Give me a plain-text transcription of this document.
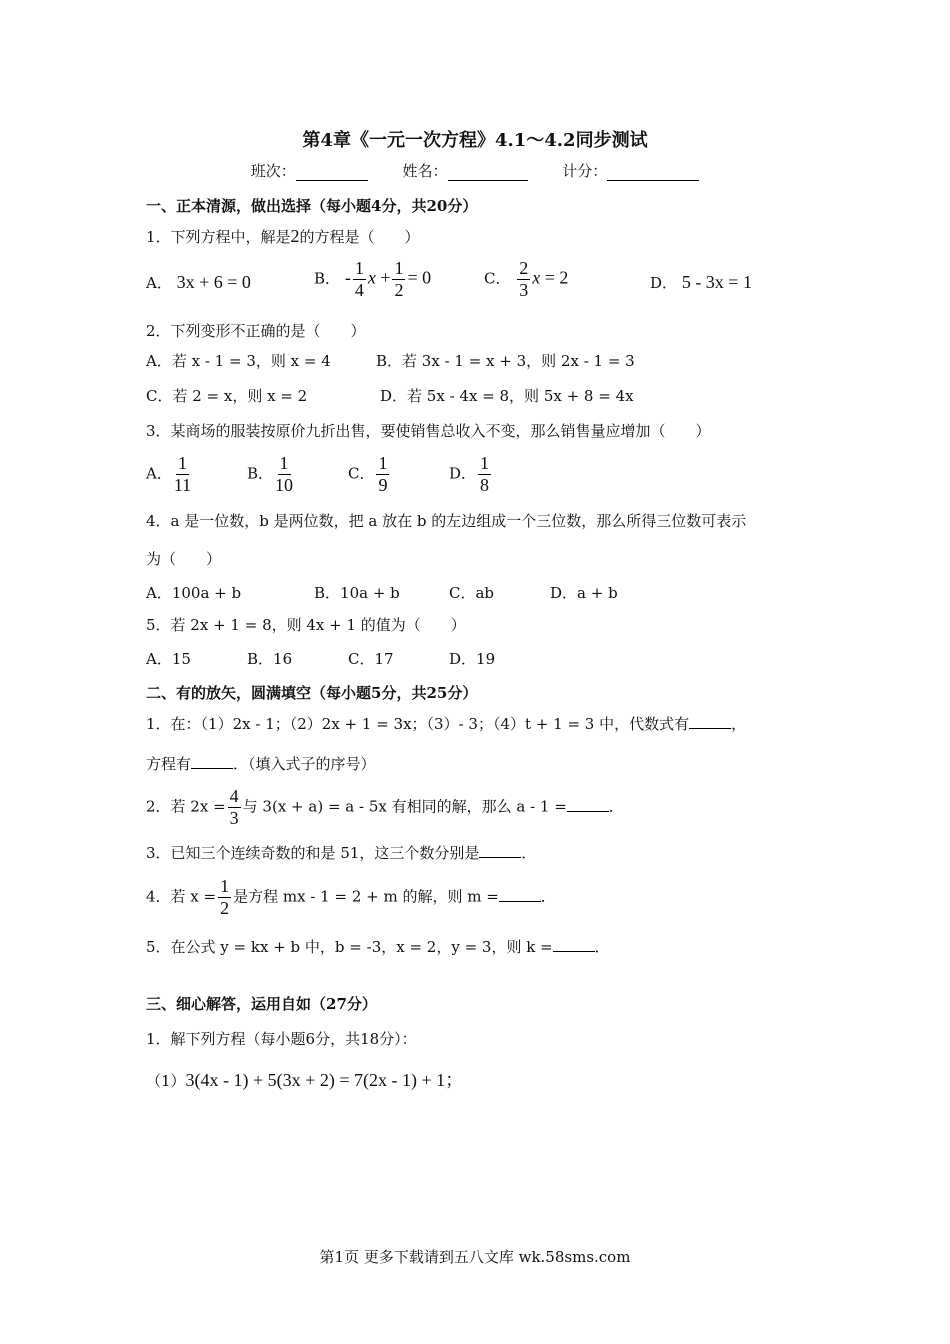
第4章《一元一次方程》4.1～4.2同步测试
班次：	姓名：	计分：
一、正本清源，做出选择（每小题4分，共20分）
1．下列方程中，解是2的方程是（　　）
A． 3x + 6 = 0	B． - $\frac{1}{4}$ $x + \frac{1}{2} = 0$	C． $\frac{2}{3}$ x = 2	D． 5 - 3x = 1
2．下列变形不正确的是（　　）
A．若 x - 1 = 3，则 x = 4	B．若 3x - 1 = x + 3，则 2x - 1 = 3
C．若 2 = x，则 x = 2	D．若 5x - 4x = 8，则 5x + 8 = 4x
3．某商场的服装按原价九折出售，要使销售总收入不变，那么销售量应增加（　　）
A． $\frac{1}{11}$	B． $\frac{1}{10}$	C． $\frac{1}{9}$	D． $\frac{1}{8}$
4．a 是一位数，b 是两位数，把 a 放在 b 的左边组成一个三位数，那么所得三位数可表示
为（　　）
A．100a + b	B．10a + b	C．ab	D．a + b
5．若 2x + 1 = 8，则 4x + 1 的值为（　　）
A．15	B．16	C．17	D．19
二、有的放矢，圆满填空（每小题5分，共25分）
1．在：（1）2x - 1；（2）2x + 1 = 3x；（3）- 3；（4）t + 1 = 3 中，代数式有	，
方程有	．（填入式子的序号）
2．若 $2x = \frac{4}{3}$ 与 3(x + a) = a - 5x 有相同的解，那么 a - 1 =	．
3．已知三个连续奇数的和是 51，这三个数分别是	．
4．若 $x = \frac{1}{2}$ 是方程 mx - 1 = 2 + m 的解，则 m =	．
5．在公式 y = kx + b 中，b = -3，x = 2，y = 3，则 k =	．
三、细心解答，运用自如（27分）
1．解下列方程（每小题6分，共18分）：
（1）3(4x - 1) + 5(3x + 2) = 7(2x - 1) + 1；
第1页 更多下载请到五八文库 wk.58sms.com
